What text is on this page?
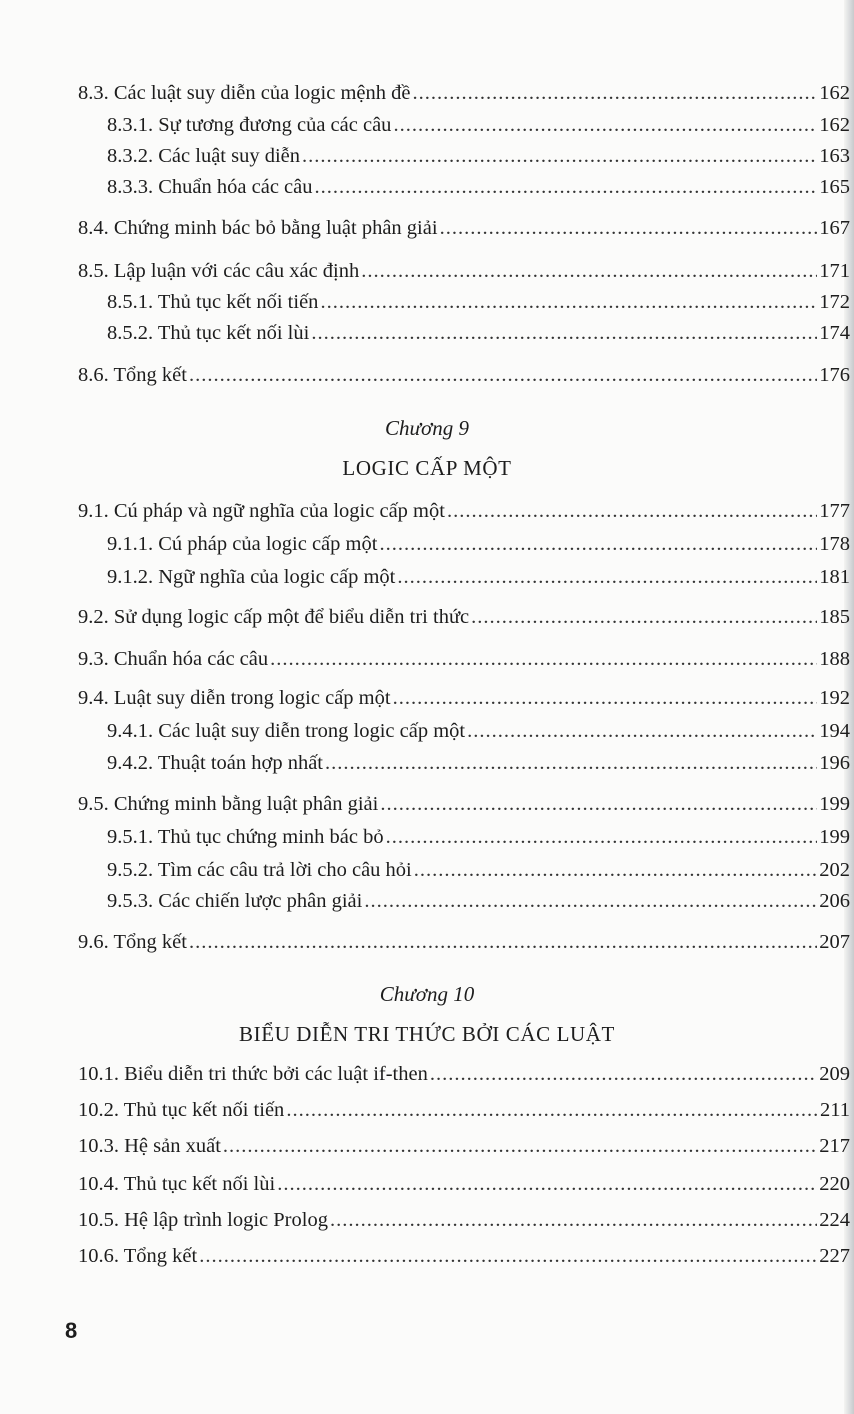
8.3. Các luật suy diễn của logic mệnh đề .....	162
8.3.1. Sự tương đương của các câu .....	162
8.3.2. Các luật suy diễn .....	163
8.3.3. Chuẩn hóa các câu .....	165
8.4. Chứng minh bác bỏ bằng luật phân giải .....	167
8.5. Lập luận với các câu xác định .....	171
8.5.1. Thủ tục kết nối tiến .....	172
8.5.2. Thủ tục kết nối lùi .....	174
8.6. Tổng kết .....	176
Chương 9
LOGIC CẤP MỘT
9.1. Cú pháp và ngữ nghĩa của logic cấp một .....	177
9.1.1. Cú pháp của logic cấp một .....	178
9.1.2. Ngữ nghĩa của logic cấp một .....	181
9.2. Sử dụng logic cấp một để biểu diễn tri thức .....	185
9.3. Chuẩn hóa các câu .....	188
9.4. Luật suy diễn trong logic cấp một .....	192
9.4.1. Các luật suy diễn trong logic cấp một .....	194
9.4.2. Thuật toán hợp nhất .....	196
9.5. Chứng minh bằng luật phân giải .....	199
9.5.1. Thủ tục chứng minh bác bỏ .....	199
9.5.2. Tìm các câu trả lời cho câu hỏi .....	202
9.5.3. Các chiến lược phân giải .....	206
9.6. Tổng kết .....	207
Chương 10
BIỂU DIỄN TRI THỨC BỞI CÁC LUẬT
10.1. Biểu diễn tri thức bởi các luật if-then .....	209
10.2. Thủ tục kết nối tiến .....	211
10.3. Hệ sản xuất .....	217
10.4. Thủ tục kết nối lùi .....	220
10.5. Hệ lập trình logic Prolog .....	224
10.6. Tổng kết .....	227
8
